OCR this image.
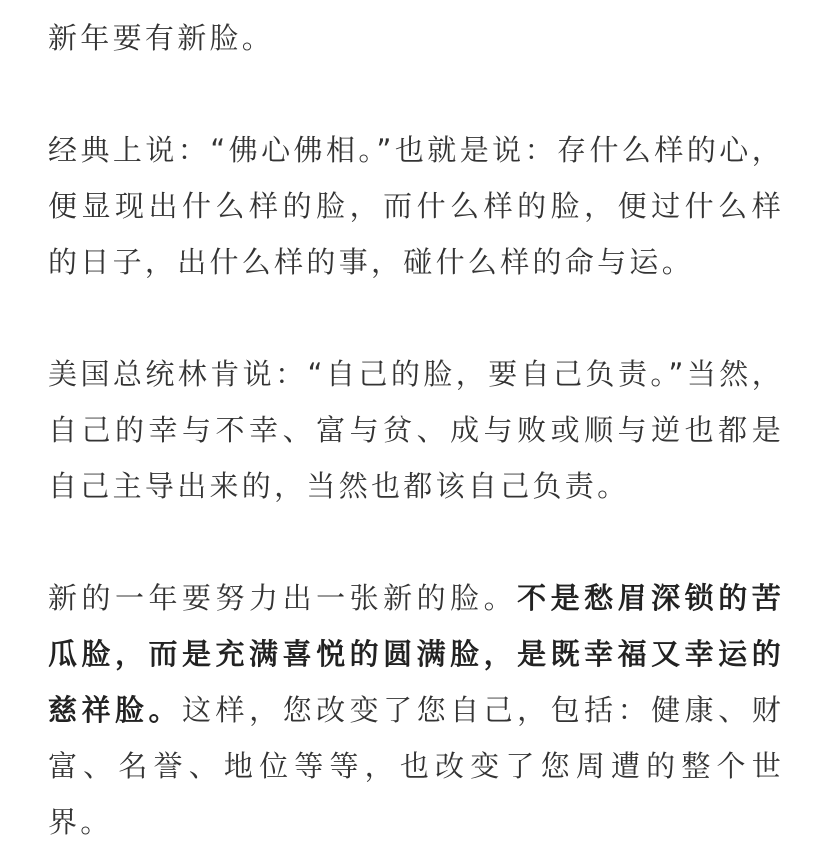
新年要有新脸。

经典上说：“佛心佛相。”也就是说：存什么样的心，便显现出什么样的脸，而什么样的脸，便过什么样的日子，出什么样的事，碰什么样的命与运。

美国总统林肯说：“自己的脸，要自己负责。”当然，自己的幸与不幸、富与贫、成与败或顺与逆也都是自己主导出来的，当然也都该自己负责。

新的一年要努力出一张新的脸。不是愁眉深锁的苦瓜脸，而是充满喜悦的圆满脸，是既幸福又幸运的慈祥脸。这样，您改变了您自己，包括：健康、财富、名誉、地位等等，也改变了您周遭的整个世界。
